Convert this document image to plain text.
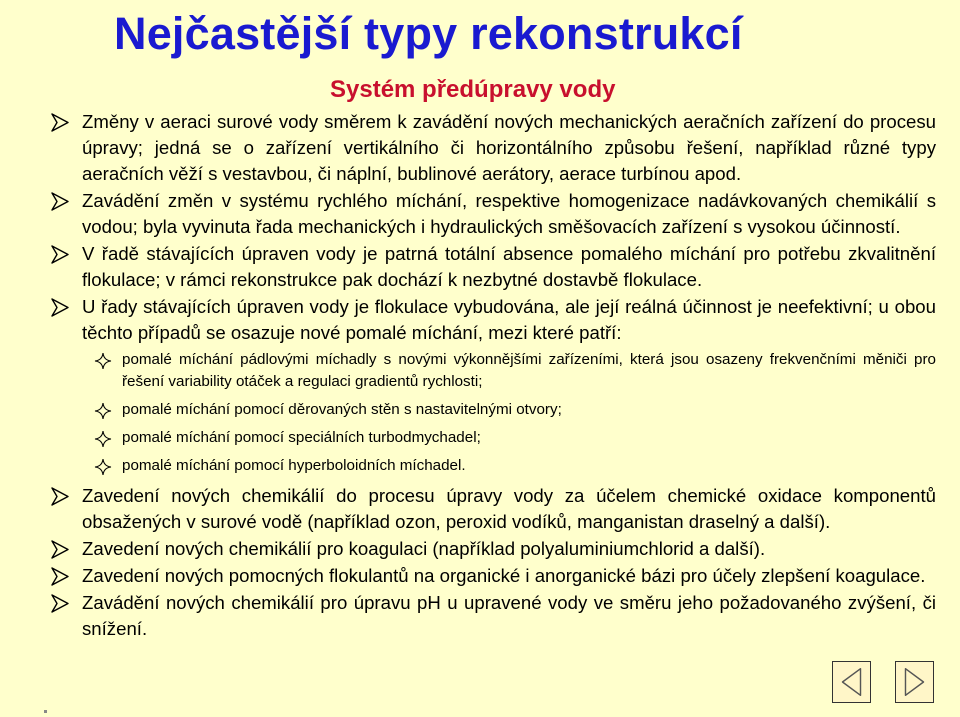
Nejčastější typy rekonstrukcí
Systém předúpravy vody
Změny v aeraci surové vody směrem k zavádění nových mechanických aeračních zařízení do procesu úpravy; jedná se o zařízení vertikálního či horizontálního způsobu řešení, například různé typy aeračních věží s vestavbou, či náplní, bublinové aerátory, aerace turbínou apod.
Zavádění změn v systému rychlého míchání, respektive homogenizace nadávkovaných chemikálií s vodou; byla vyvinuta řada mechanických i hydraulických směšovacích zařízení s vysokou účinností.
V řadě stávajících úpraven vody je patrná totální absence pomalého míchání pro potřebu zkvalitnění flokulace; v rámci rekonstrukce pak dochází k nezbytné dostavbě flokulace.
U řady stávajících úpraven vody je flokulace vybudována, ale její reálná účinnost je neefektivní; u obou těchto případů se osazuje nové pomalé míchání, mezi které patří:
pomalé míchání pádlovými míchadly s novými výkonnějšími zařízeními, která jsou osazeny frekvenčními měniči pro řešení variability otáček a regulaci gradientů rychlosti;
pomalé míchání pomocí děrovaných stěn s nastavitelnými otvory;
pomalé míchání pomocí speciálních turbodmychadel;
pomalé míchání pomocí hyperboloidních míchadel.
Zavedení nových chemikálií do procesu úpravy vody za účelem chemické oxidace komponentů obsažených v surové vodě (například ozon, peroxid vodíků, manganistan draselný a další).
Zavedení nových chemikálií pro koagulaci (například polyaluminiumchlorid a další).
Zavedení nových pomocných flokulantů na organické i anorganické bázi pro účely zlepšení koagulace.
Zavádění nových chemikálií pro úpravu pH u upravené vody ve směru jeho požadovaného zvýšení, či snížení.
